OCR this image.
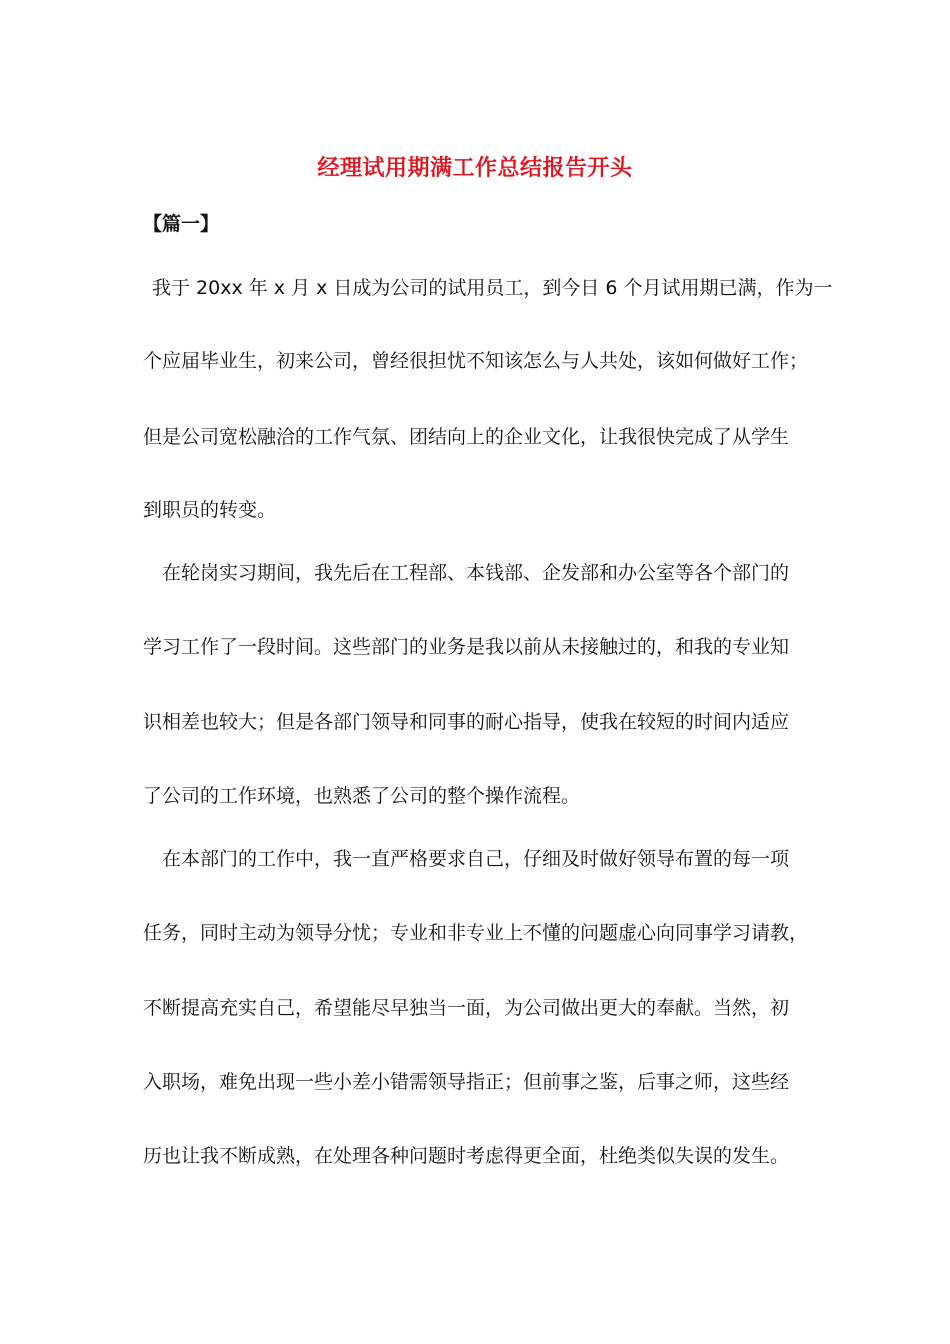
经理试用期满工作总结报告开头
【篇一】
我于 20xx 年 x 月 x 日成为公司的试用员工，到今日 6 个月试用期已满，作为一
个应届毕业生，初来公司，曾经很担忧不知该怎么与人共处，该如何做好工作；
但是公司宽松融洽的工作气氛、团结向上的企业文化，让我很快完成了从学生
到职员的转变。
在轮岗实习期间，我先后在工程部、本钱部、企发部和办公室等各个部门的
学习工作了一段时间。这些部门的业务是我以前从未接触过的，和我的专业知
识相差也较大；但是各部门领导和同事的耐心指导，使我在较短的时间内适应
了公司的工作环境，也熟悉了公司的整个操作流程。
在本部门的工作中，我一直严格要求自己，仔细及时做好领导布置的每一项
任务，同时主动为领导分忧；专业和非专业上不懂的问题虚心向同事学习请教，
不断提高充实自己，希望能尽早独当一面，为公司做出更大的奉献。当然，初
入职场，难免出现一些小差小错需领导指正；但前事之鉴，后事之师，这些经
历也让我不断成熟，在处理各种问题时考虑得更全面，杜绝类似失误的发生。
